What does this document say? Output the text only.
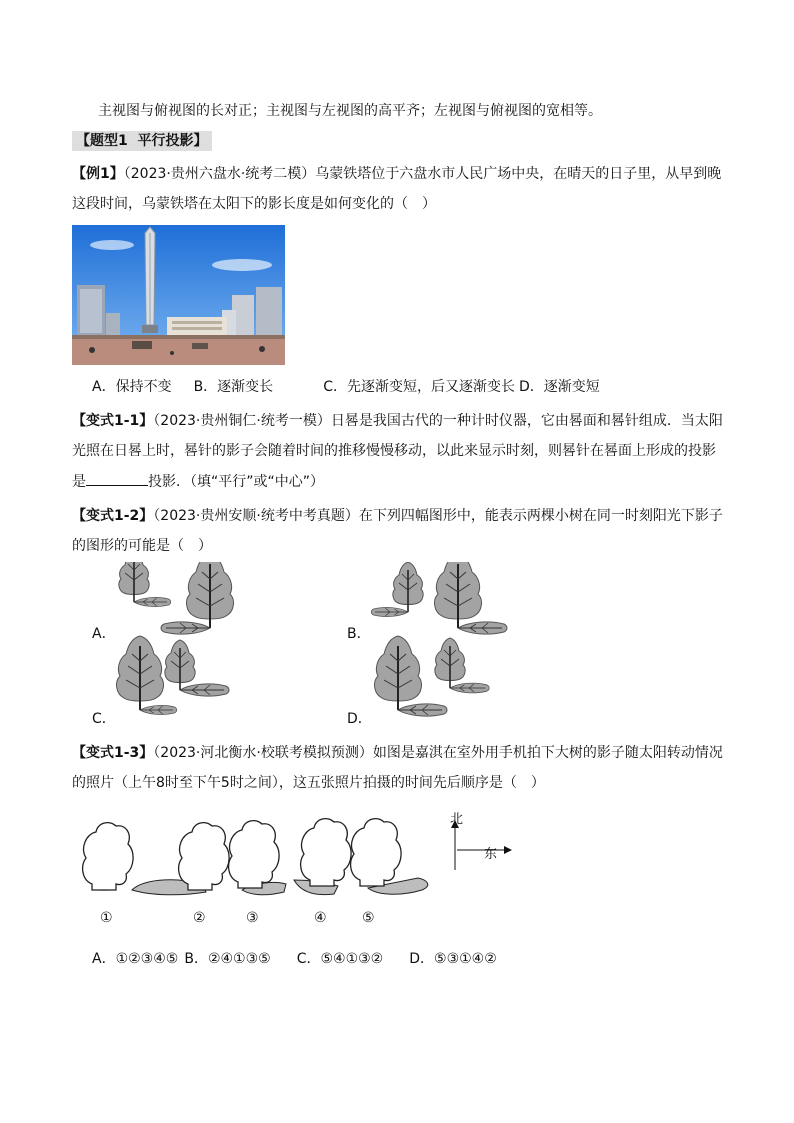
主视图与俯视图的长对正；主视图与左视图的高平齐；左视图与俯视图的宽相等。
【题型1 平行投影】
【例1】（2023·贵州六盘水·统考二模）乌蒙铁塔位于六盘水市人民广场中央，在晴天的日子里，从早到晚
这段时间，乌蒙铁塔在太阳下的影长度是如何变化的（　）
A．保持不变 B．逐渐变长	C．先逐渐变短，后又逐渐变长 D．逐渐变短
【变式1-1】（2023·贵州铜仁·统考一模）日晷是我国古代的一种计时仪器，它由晷面和晷针组成．当太阳
光照在日晷上时，晷针的影子会随着时间的推移慢慢移动，以此来显示时刻，则晷针在晷面上形成的投影
是	投影．（填“平行”或“中心”）
【变式1-2】（2023·贵州安顺·统考中考真题）在下列四幅图形中，能表示两棵小树在同一时刻阳光下影子
的图形的可能是（　）
A．	B．
C．	D．
【变式1-3】（2023·河北衡水·校联考模拟预测）如图是嘉淇在室外用手机拍下大树的影子随太阳转动情况
的照片（上午8时至下午5时之间），这五张照片拍摄的时间先后顺序是（　）
北
东
①	②	③	④	⑤
A．①②③④⑤ B．②④①③⑤ C．⑤④①③② D．⑤③①④②
